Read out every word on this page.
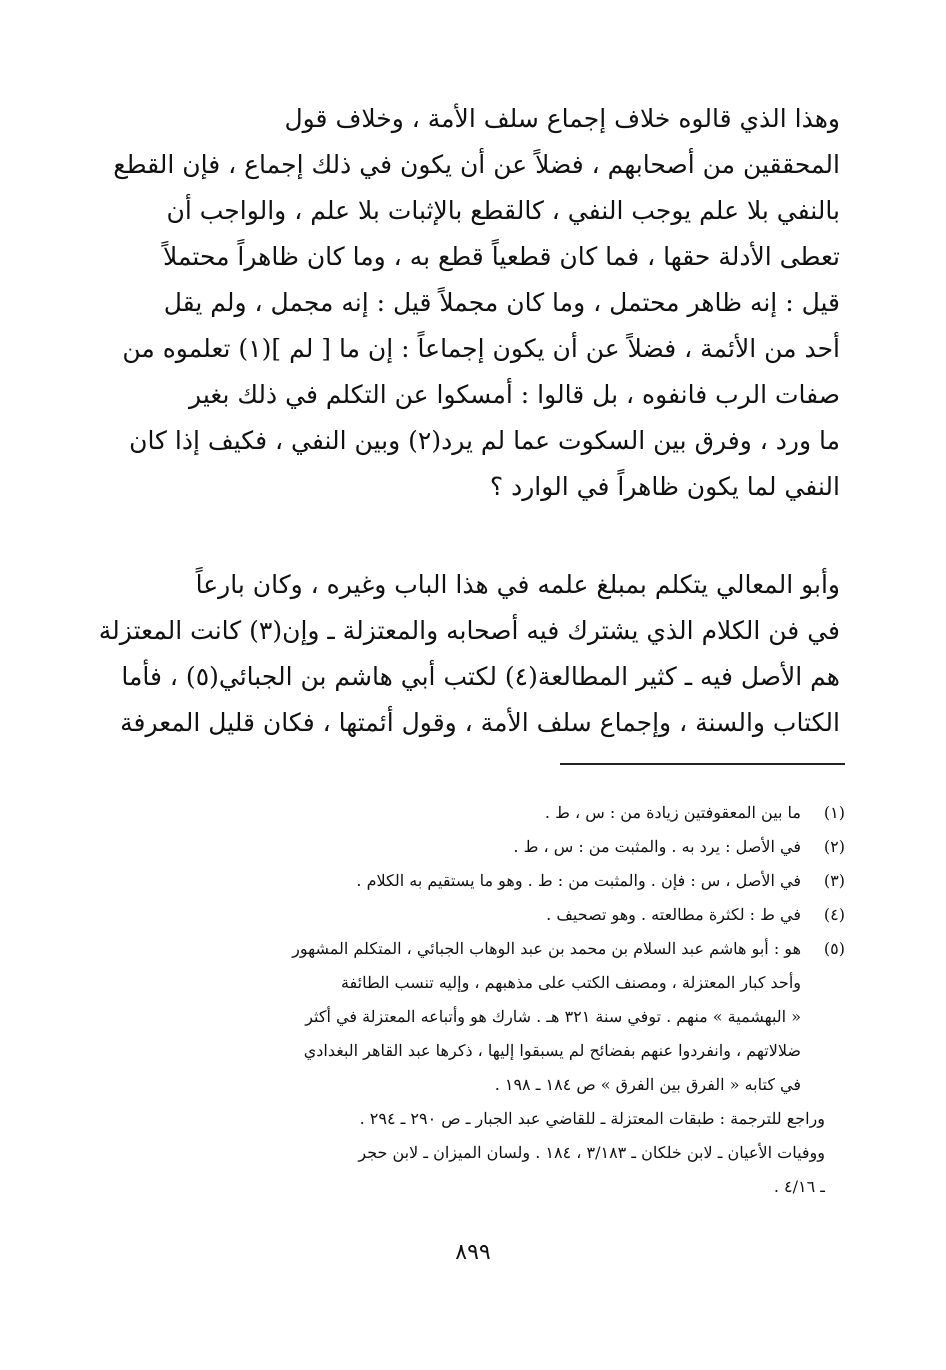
وهذا الذي قالوه خلاف إجماع سلف الأمة ، وخلاف قول
المحققين من أصحابهم ، فضلاً عن أن يكون في ذلك إجماع ، فإن القطع
بالنفي بلا علم يوجب النفي ، كالقطع بالإثبات بلا علم ، والواجب أن
تعطى الأدلة حقها ، فما كان قطعياً قطع به ، وما كان ظاهراً محتملاً
قيل : إنه ظاهر محتمل ، وما كان مجملاً قيل : إنه مجمل ، ولم يقل
أحد من الأئمة ، فضلاً عن أن يكون إجماعاً : إن ما [ لم ](١) تعلموه من
صفات الرب فانفوه ، بل قالوا : أمسكوا عن التكلم في ذلك بغير
ما ورد ، وفرق بين السكوت عما لم يرد(٢) وبين النفي ، فكيف إذا كان
النفي لما يكون ظاهراً في الوارد ؟
وأبو المعالي يتكلم بمبلغ علمه في هذا الباب وغيره ، وكان بارعاً
في فن الكلام الذي يشترك فيه أصحابه والمعتزلة ـ وإن(٣) كانت المعتزلة
هم الأصل فيه ـ كثير المطالعة(٤) لكتب أبي هاشم بن الجبائي(٥) ، فأما
الكتاب والسنة ، وإجماع سلف الأمة ، وقول أئمتها ، فكان قليل المعرفة
(١)
ما بين المعقوفتين زيادة من : س ، ط .
(٢)
في الأصل : يرد به . والمثبت من : س ، ط .
(٣)
في الأصل ، س : فإن . والمثبت من : ط . وهو ما يستقيم به الكلام .
(٤)
في ط : لكثرة مطالعته . وهو تصحيف .
(٥)
هو : أبو هاشم عبد السلام بن محمد بن عبد الوهاب الجبائي ، المتكلم المشهور
وأحد كبار المعتزلة ، ومصنف الكتب على مذهبهم ، وإليه تنسب الطائفة
« البهشمية » منهم . توفي سنة ٣٢١ هـ . شارك هو وأتباعه المعتزلة في أكثر
ضلالاتهم ، وانفردوا عنهم بفضائح لم يسبقوا إليها ، ذكرها عبد القاهر البغدادي
في كتابه « الفرق بين الفرق » ص ١٨٤ ـ ١٩٨ .
وراجع للترجمة : طبقات المعتزلة ـ للقاضي عبد الجبار ـ ص ٢٩٠ ـ ٢٩٤ .
ووفيات الأعيان ـ لابن خلكان ـ ٣/١٨٣ ، ١٨٤ . ولسان الميزان ـ لابن حجر
ـ ٤/١٦ .
٨٩٩
